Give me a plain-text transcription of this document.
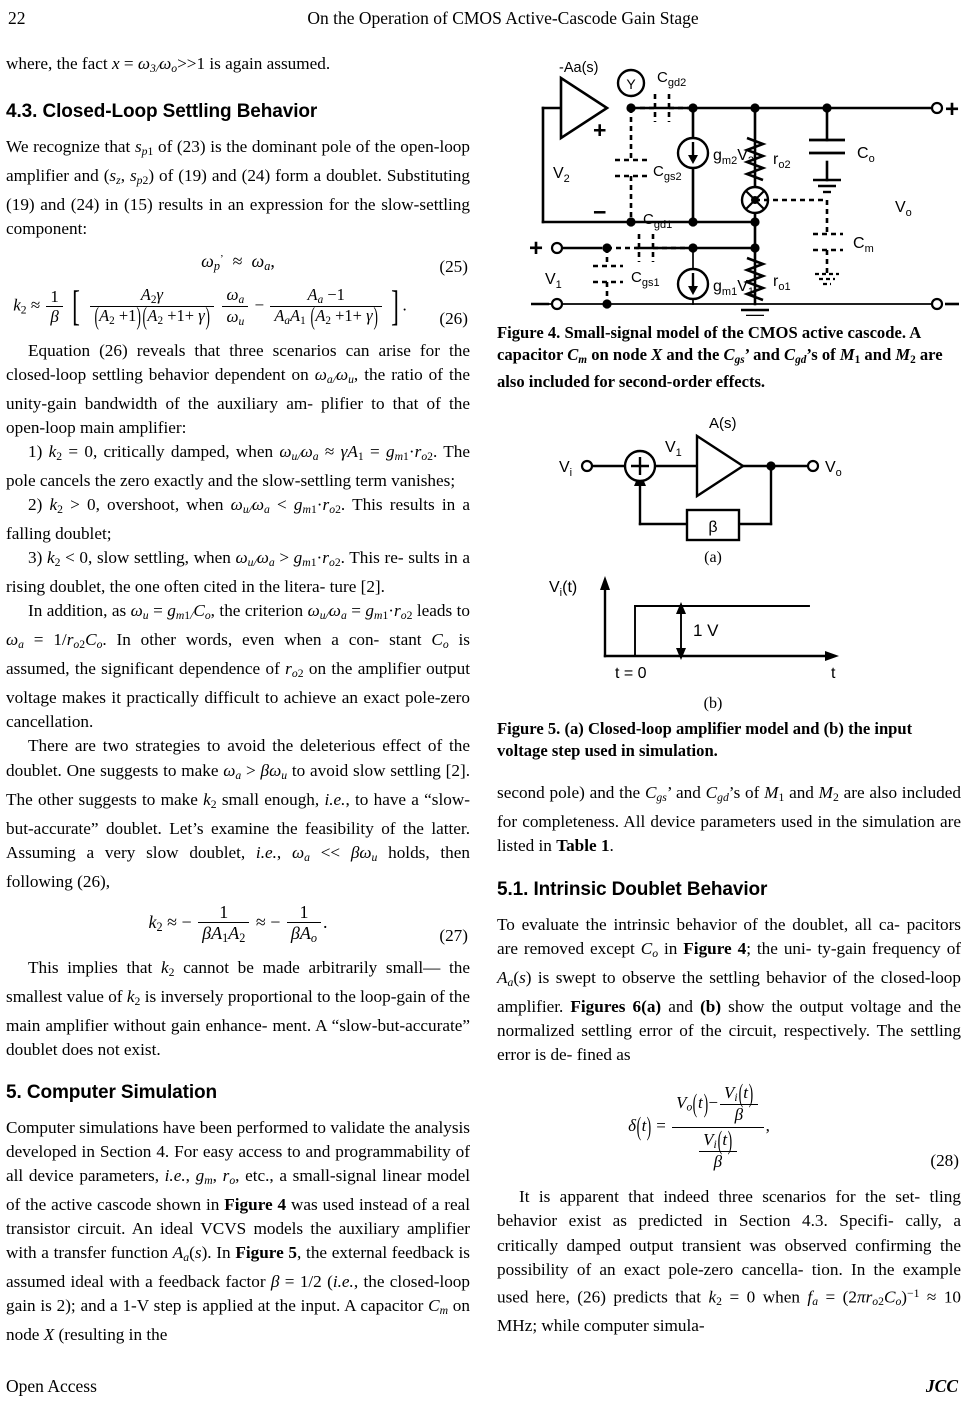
22	On the Operation of CMOS Active-Cascode Gain Stage

where, the fact $x = \omega_{3/}\omega_o>>1$ is again assumed.

4.3. Closed-Loop Settling Behavior

We recognize that $s_{p1}$ of (23) is the dominant pole of the open-loop amplifier and ($s_z$, $s_{p2}$) of (19) and (24) form a doublet. Substituting (19) and (24) in (15) results in an expression for the slow-settling component:

$\omega_p^’ \approx \omega_a$,	(25)
$k_2 \approx \frac{1}{\beta}$ [ $\frac{A_2\gamma}{(A_2 +1)(A_2 +1+ \gamma)}$
$\frac{\omega_a}{\omega_u} - \frac{A_a -1}{A_aA_1 (A_2 +1+ \gamma)}$ ] .
(26)

Equation (26) reveals that three scenarios can arise for the closed-loop settling behavior dependent on $\omega_{a/}\omega_u$, the ratio of the unity-gain bandwidth of the auxiliary am- plifier to that of the open-loop main amplifier:

1) $k_2 = 0$, critically damped, when $\omega_{u/}\omega_a \approx \gamma A_1 = g_{m1}\cdot r_{o2}$. The pole cancels the zero exactly and the slow-settling term vanishes;

2) $k_2 > 0$, overshoot, when $\omega_{u/}\omega_a < g_{m1}\cdot r_{o2}$. This results in a falling doublet;

3) $k_2 < 0$, slow settling, when $\omega_{u/}\omega_a > g_{m1}\cdot r_{o2}$. This re- sults in a rising doublet, the one often cited in the litera- ture [2].

In addition, as $\omega_u = g_{m1/}C_o$, the criterion $\omega_{u/}\omega_a = g_{m1}\cdot r_{o2}$ leads to $\omega_a = 1/r_{o2}C_o$. In other words, even when a con- stant $C_o$ is assumed, the significant dependence of $r_{o2}$ on the amplifier output voltage makes it practically difficult to achieve an exact pole-zero cancellation.

There are two strategies to avoid the deleterious effect of the doublet. One suggests to make $\omega_a > \beta\omega_u$ to avoid slow settling [2]. The other suggests to make $k_2$ small enough, i.e., to have a “slow-but-accurate” doublet. Let’s examine the feasibility of the latter. Assuming a very slow doublet, i.e., $\omega_a << \beta\omega_u$ holds, then following (26),

$k_2$ ≈ − $\frac{1}{\beta A_1A_2}$ ≈ − $\frac{1}{\beta A_o}$ .
(27)

This implies that $k_2$ cannot be made arbitrarily small— the smallest value of $k_2$ is inversely proportional to the loop-gain of the main amplifier without gain enhance- ment. A “slow-but-accurate” doublet does not exist.

5. Computer Simulation

Computer simulations have been performed to validate the analysis developed in Section 4. For easy access to and programmability of all device parameters, i.e., $g_m$, $r_o$, etc., a small-signal linear model of the active cascode shown in Figure 4 was used instead of a real transistor circuit. An ideal VCVS models the auxiliary amplifier with a transfer function $A_a(s)$. In Figure 5, the external feedback is assumed ideal with a feedback factor β = 1/2 (i.e., the closed-loop gain is 2); and a 1-V step is applied at the input. A capacitor $C_m$ on node X (resulting in the

-Aa(s)
+
−
$V_2$
Y $C_{gd2}$
$C_{gs2}$
$g_{m2}V_2$ $r_{o2}$
$C_o$
$C_m$
$C_{gd1}$
$C_{gs1}$	$g_{m1}V_1$
$r_{o1}$
$V_1$
+
+
$V_o$
Figure 4. Small-signal model of the CMOS active cascode. A capacitor $C_m$ on node X and the $C_{gs}$’ and $C_{gd}’s$ of $M_1$ and $M_2$ are also included for second-order effects.
A(s)
β
$V_i$
$V_1$
$V_o$
(a)
$V_i(t)$
1 V
t = 0	t
(b)
Figure 5. (a) Closed-loop amplifier model and (b) the input voltage step used in simulation.

second pole) and the $C_{gs}$’ and $C_{gd}’s$ of $M_1$ and $M_2$ are also included for completeness. All device parameters used in the simulation are listed in Table 1.

5.1. Intrinsic Doublet Behavior

To evaluate the intrinsic behavior of the doublet, all ca- pacitors are removed except $C_o$ in Figure 4; the uni- ty-gain frequency of $A_a(s)$ is swept to observe the settling behavior of the closed-loop amplifier. Figures 6(a) and (b) show the output voltage and the normalized settling error of the circuit, respectively. The settling error is de- fined as

$\delta(t) = \frac{V_o(t)- \frac{V_i(t)}{\beta}}{\frac{V_i(t)}{\beta}}$ ,
(28)

It is apparent that indeed three scenarios for the set- tling behavior exist as predicted in Section 4.3. Specifi- cally, a critically damped output transient was observed confirming the possibility of an exact pole-zero cancella- tion. In the example used here, (26) predicts that $k_2 = 0$ when $f_a = (2\pi r_{o2}C_o)^{-1} \approx 10$ MHz; while computer simula-

Open Access	JCC
